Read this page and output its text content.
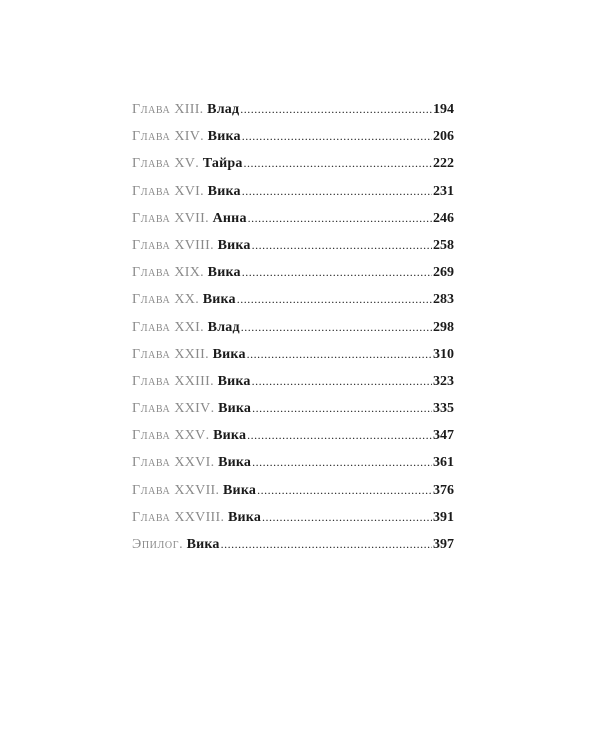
Глава XIII . Влад .....	194
Глава XIV . Вика .....	206
Глава XV . Тайра .....	222
Глава XVI . Вика .....	231
Глава XVII . Анна .....	246
Глава XVIII . Вика .....	258
Глава XIX . Вика .....	269
Глава XX . Вика .....	283
Глава XXI . Влад .....	298
Глава XXII . Вика .....	310
Глава XXIII . Вика .....	323
Глава XXIV . Вика .....	335
Глава XXV . Вика .....	347
Глава XXVI . Вика .....	361
Глава XXVII . Вика .....	376
Глава XXVIII . Вика .....	391
Эпилог . Вика .....	397
